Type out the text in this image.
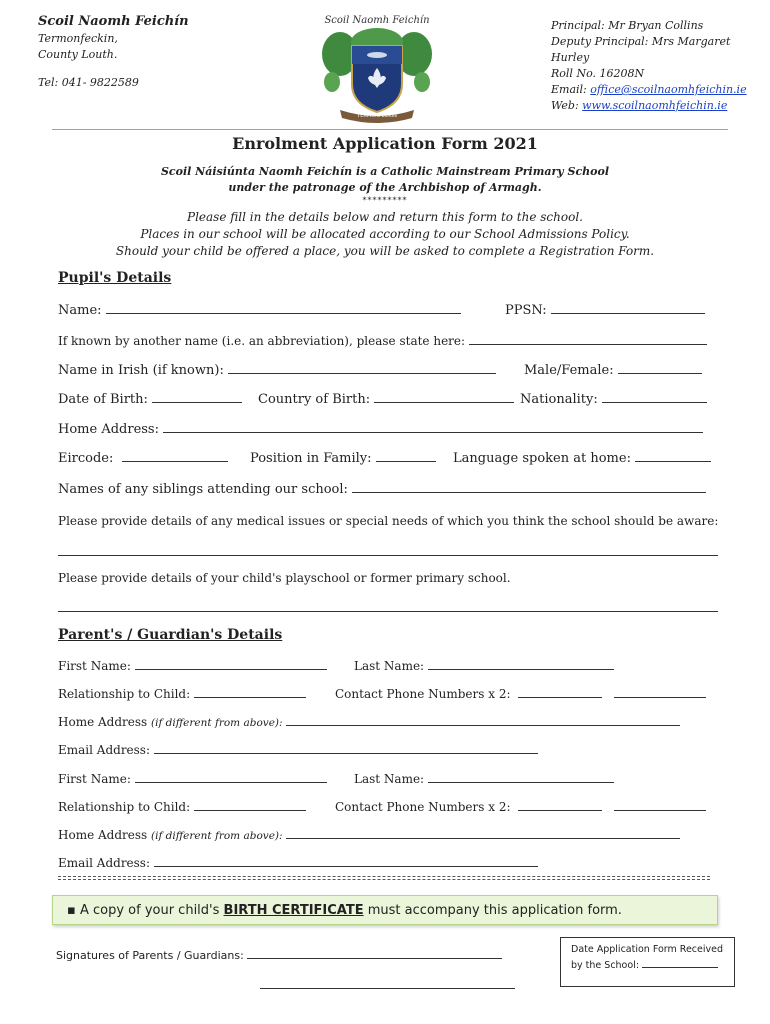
Scoil Naomh Feichín
Termonfeckin,
County Louth.
Tel: 041- 9822589
Scoil Naomh Feichín
TERMONFECKIN
Principal: Mr Bryan Collins
Deputy Principal: Mrs Margaret Hurley
Roll No. 16208N
Email: office@scoilnaomhfeichin.ie
Web: www.scoilnaomhfeichin.ie
Enrolment Application Form 2021
Scoil Náisiúnta Naomh Feichín is a Catholic Mainstream Primary School
under the patronage of the Archbishop of Armagh.
*********
Please fill in the details below and return this form to the school.
Places in our school will be allocated according to our School Admissions Policy.
Should your child be offered a place, you will be asked to complete a Registration Form.
Pupil's Details
Name:	PPSN:
If known by another name (i.e. an abbreviation), please state here:
Name in Irish (if known):	Male/Female:
Date of Birth:	Country of Birth:	Nationality:
Home Address:
Eircode:	Position in Family:	Language spoken at home:
Names of any siblings attending our school:
Please provide details of any medical issues or special needs of which you think the school should be aware:
Please provide details of your child's playschool or former primary school.
Parent's / Guardian's Details
First Name:	Last Name:
Relationship to Child:	Contact Phone Numbers x 2:
Home Address (if different from above):
Email Address:
First Name:	Last Name:
Relationship to Child:	Contact Phone Numbers x 2:
Home Address (if different from above):
Email Address:
▪ A copy of your child's BIRTH CERTIFICATE must accompany this application form.
Signatures of Parents / Guardians:	Date Application Form Received
by the School:
